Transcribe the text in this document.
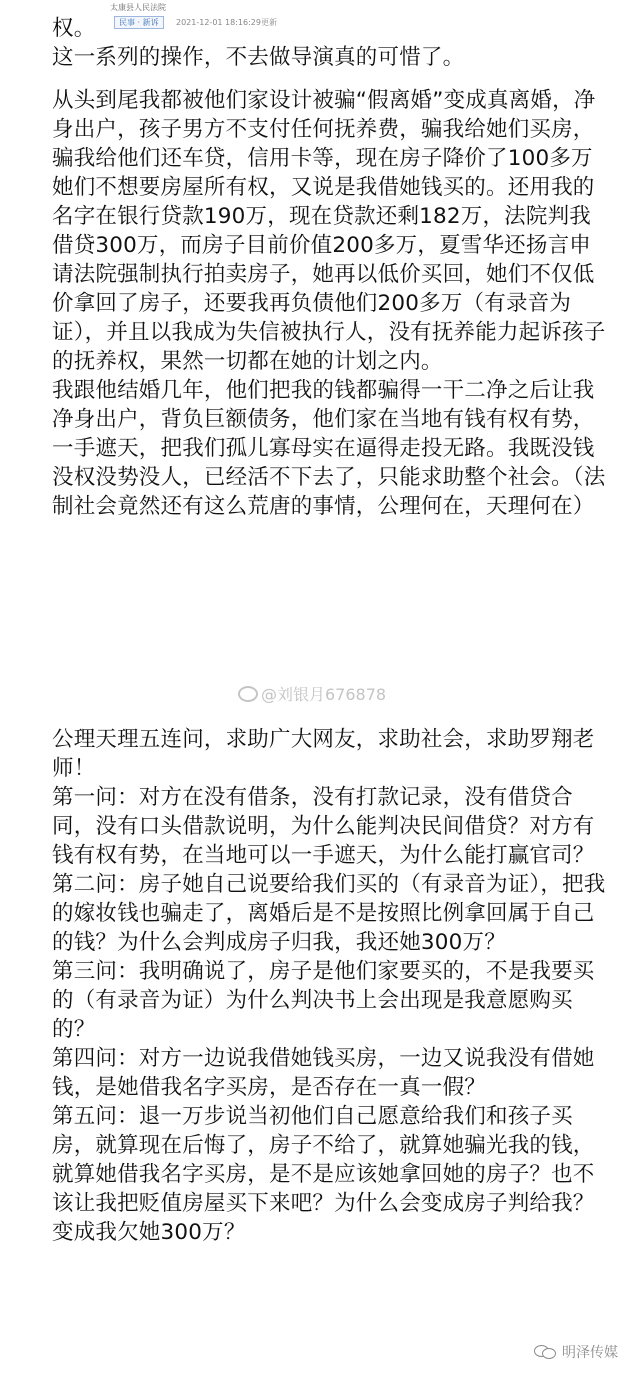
太康县人民法院
民事 · 新诉	2021-12-01 18:16:29更新
权。
这一系列的操作，不去做导演真的可惜了。
从头到尾我都被他们家设计被骗“假离婚”变成真离婚，净身出户，孩子男方不支付任何抚养费，骗我给她们买房，骗我给他们还车贷，信用卡等，现在房子降价了100多万她们不想要房屋所有权，又说是我借她钱买的。还用我的名字在银行贷款190万，现在贷款还剩182万，法院判我借贷300万，而房子目前价值200多万，夏雪华还扬言申请法院强制执行拍卖房子，她再以低价买回，她们不仅低价拿回了房子，还要我再负债他们200多万（有录音为证），并且以我成为失信被执行人，没有抚养能力起诉孩子的抚养权，果然一切都在她的计划之内。
我跟他结婚几年，他们把我的钱都骗得一干二净之后让我净身出户，背负巨额债务，他们家在当地有钱有权有势，一手遮天，把我们孤儿寡母实在逼得走投无路。我既没钱没权没势没人，已经活不下去了，只能求助整个社会。（法制社会竟然还有这么荒唐的事情，公理何在，天理何在）
@刘银月676878
公理天理五连问，求助广大网友，求助社会，求助罗翔老师！
第一问：对方在没有借条，没有打款记录，没有借贷合同，没有口头借款说明，为什么能判决民间借贷？对方有钱有权有势，在当地可以一手遮天，为什么能打赢官司？
第二问：房子她自己说要给我们买的（有录音为证），把我的嫁妆钱也骗走了，离婚后是不是按照比例拿回属于自己的钱？为什么会判成房子归我，我还她300万？
第三问：我明确说了，房子是他们家要买的，不是我要买的（有录音为证）为什么判决书上会出现是我意愿购买的？
第四问：对方一边说我借她钱买房，一边又说我没有借她钱，是她借我名字买房，是否存在一真一假？
第五问：退一万步说当初他们自己愿意给我们和孩子买房，就算现在后悔了，房子不给了，就算她骗光我的钱，就算她借我名字买房，是不是应该她拿回她的房子？也不该让我把贬值房屋买下来吧？为什么会变成房子判给我？变成我欠她300万？
明泽传媒
